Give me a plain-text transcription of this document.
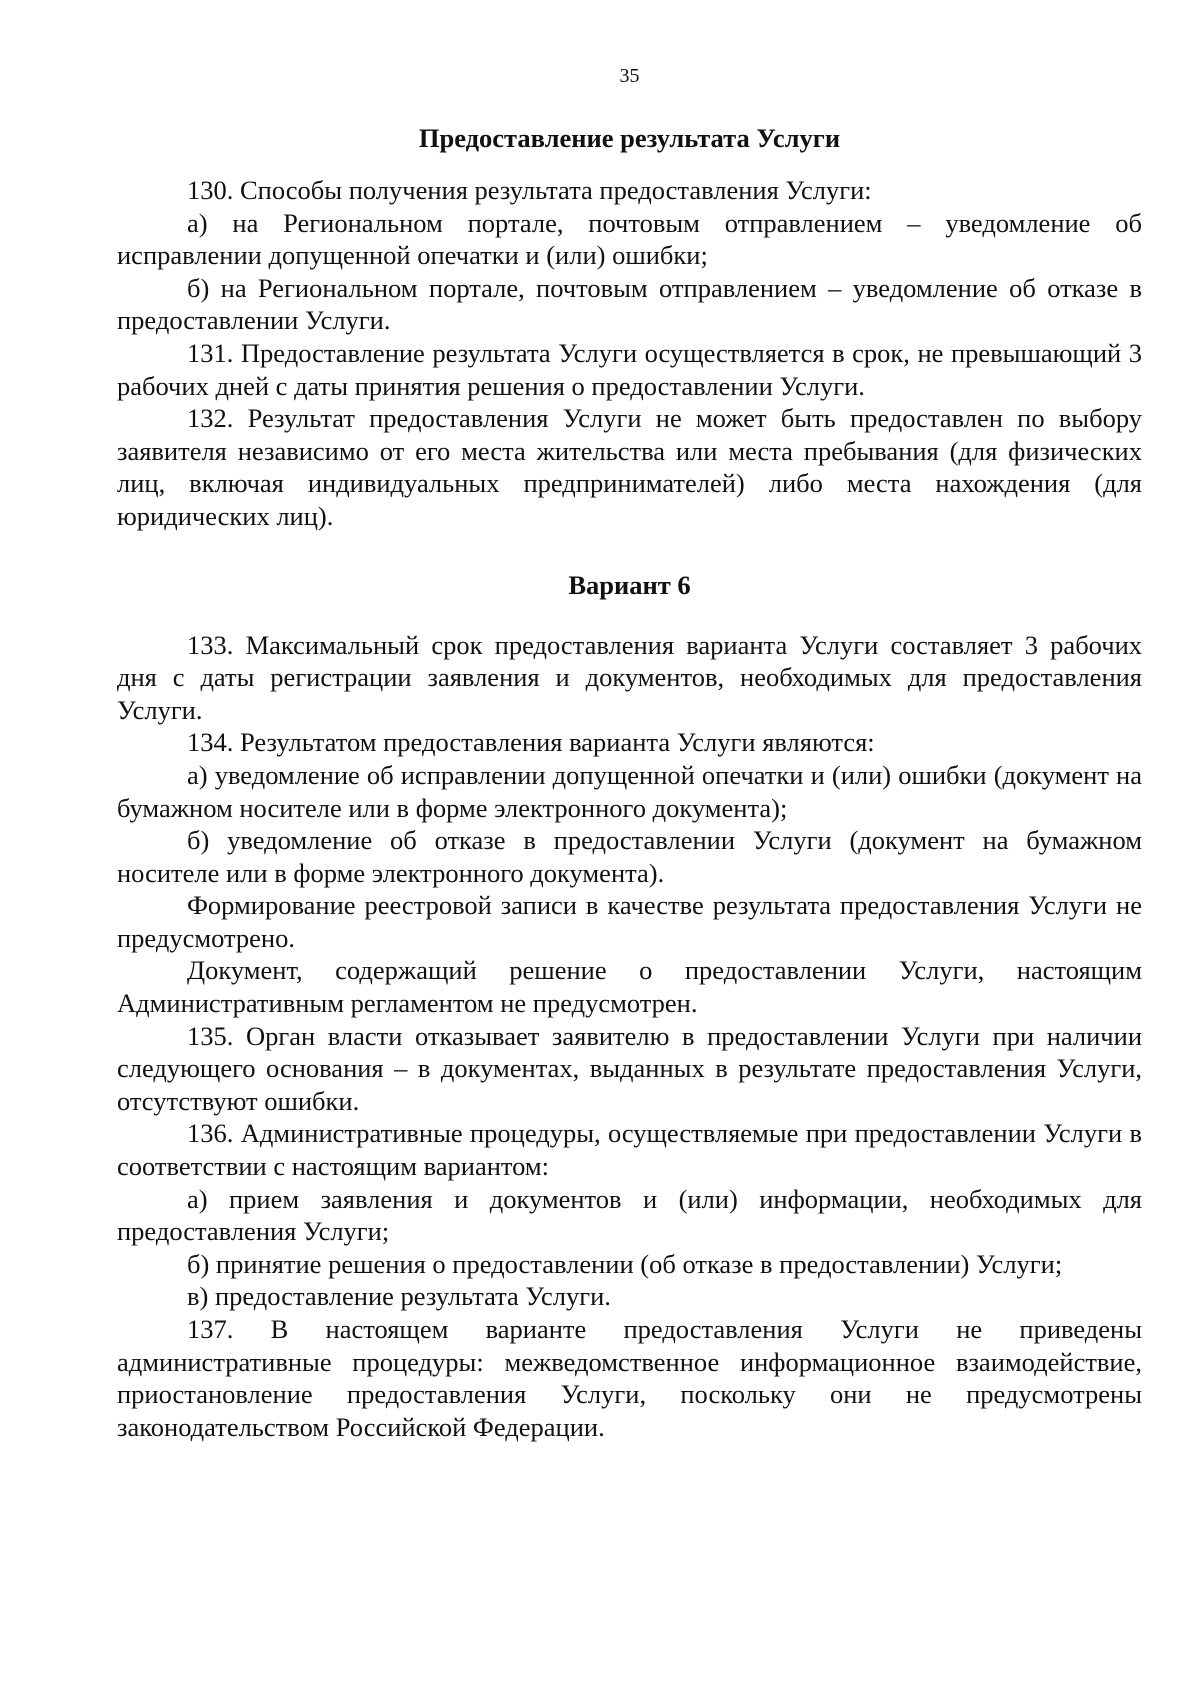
35
Предоставление результата Услуги

130. Способы получения результата предоставления Услуги:

а) на Региональном портале, почтовым отправлением – уведомление об исправлении допущенной опечатки и (или) ошибки;

б) на Региональном портале, почтовым отправлением – уведомление об отказе в предоставлении Услуги.

131. Предоставление результата Услуги осуществляется в срок, не превышающий 3 рабочих дней с даты принятия решения о предоставлении Услуги.

132. Результат предоставления Услуги не может быть предоставлен по выбору заявителя независимо от его места жительства или места пребывания (для физических лиц, включая индивидуальных предпринимателей) либо места нахождения (для юридических лиц).

Вариант 6

133. Максимальный срок предоставления варианта Услуги составляет 3 рабочих дня с даты регистрации заявления и документов, необходимых для предоставления Услуги.

134. Результатом предоставления варианта Услуги являются:

а) уведомление об исправлении допущенной опечатки и (или) ошибки (документ на бумажном носителе или в форме электронного документа);

б) уведомление об отказе в предоставлении Услуги (документ на бумажном носителе или в форме электронного документа).

Формирование реестровой записи в качестве результата предоставления Услуги не предусмотрено.

Документ, содержащий решение о предоставлении Услуги, настоящим Административным регламентом не предусмотрен.

135. Орган власти отказывает заявителю в предоставлении Услуги при наличии следующего основания – в документах, выданных в результате предоставления Услуги, отсутствуют ошибки.

136. Административные процедуры, осуществляемые при предоставлении Услуги в соответствии с настоящим вариантом:

а) прием заявления и документов и (или) информации, необходимых для предоставления Услуги;

б) принятие решения о предоставлении (об отказе в предоставлении) Услуги;

в) предоставление результата Услуги.

137. В настоящем варианте предоставления Услуги не приведены административные процедуры: межведомственное информационное взаимодействие, приостановление предоставления Услуги, поскольку они не предусмотрены законодательством Российской Федерации.
